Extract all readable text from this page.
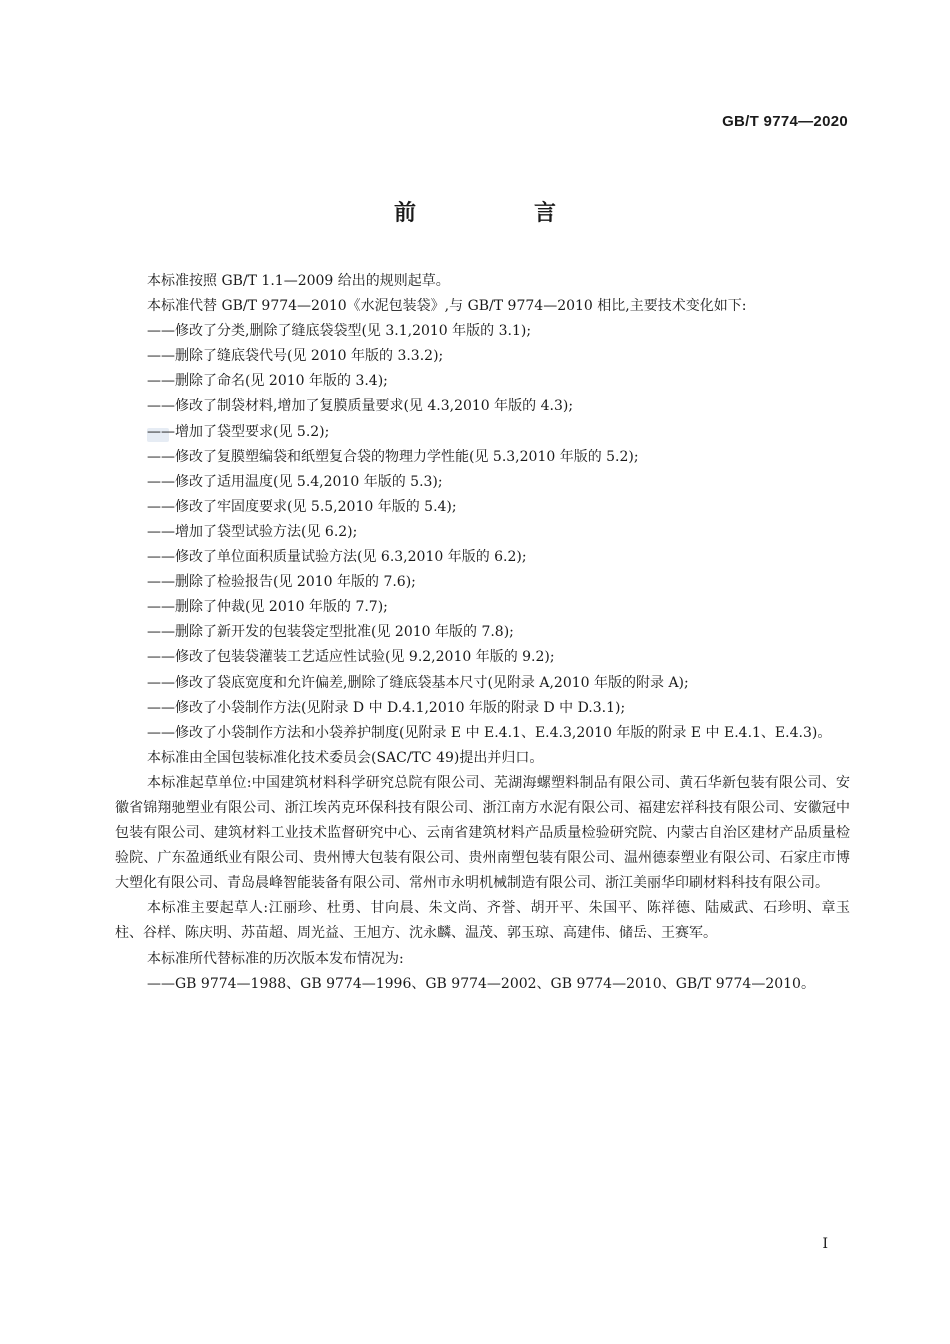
GB/T 9774—2020
前　言

本标准按照 GB/T 1.1—2009 给出的规则起草。

本标准代替 GB/T 9774—2010《水泥包装袋》,与 GB/T 9774—2010 相比,主要技术变化如下:

——修改了分类,删除了缝底袋袋型(见 3.1,2010 年版的 3.1);

——删除了缝底袋代号(见 2010 年版的 3.3.2);

——删除了命名(见 2010 年版的 3.4);

——修改了制袋材料,增加了复膜质量要求(见 4.3,2010 年版的 4.3);

——增加了袋型要求(见 5.2);

——修改了复膜塑编袋和纸塑复合袋的物理力学性能(见 5.3,2010 年版的 5.2);

——修改了适用温度(见 5.4,2010 年版的 5.3);

——修改了牢固度要求(见 5.5,2010 年版的 5.4);

——增加了袋型试验方法(见 6.2);

——修改了单位面积质量试验方法(见 6.3,2010 年版的 6.2);

——删除了检验报告(见 2010 年版的 7.6);

——删除了仲裁(见 2010 年版的 7.7);

——删除了新开发的包装袋定型批准(见 2010 年版的 7.8);

——修改了包装袋灌装工艺适应性试验(见 9.2,2010 年版的 9.2);

——修改了袋底宽度和允许偏差,删除了缝底袋基本尺寸(见附录 A,2010 年版的附录 A);

——修改了小袋制作方法(见附录 D 中 D.4.1,2010 年版的附录 D 中 D.3.1);

——修改了小袋制作方法和小袋养护制度(见附录 E 中 E.4.1、E.4.3,2010 年版的附录 E 中 E.4.1、E.4.3)。

本标准由全国包装标准化技术委员会(SAC/TC 49)提出并归口。

本标准起草单位:中国建筑材料科学研究总院有限公司、芜湖海螺塑料制品有限公司、黄石华新包装有限公司、安徽省锦翔驰塑业有限公司、浙江埃芮克环保科技有限公司、浙江南方水泥有限公司、福建宏祥科技有限公司、安徽冠中包装有限公司、建筑材料工业技术监督研究中心、云南省建筑材料产品质量检验研究院、内蒙古自治区建材产品质量检验院、广东盈通纸业有限公司、贵州博大包装有限公司、贵州南塑包装有限公司、温州德泰塑业有限公司、石家庄市博大塑化有限公司、青岛晨峰智能装备有限公司、常州市永明机械制造有限公司、浙江美丽华印刷材料科技有限公司。

本标准主要起草人:江丽珍、杜勇、甘向晨、朱文尚、齐誉、胡开平、朱国平、陈祥德、陆威武、石珍明、章玉柱、谷样、陈庆明、苏苗超、周光益、王旭方、沈永麟、温茂、郭玉琼、高建伟、储岳、王赛军。

本标准所代替标准的历次版本发布情况为:

——GB 9774—1988、GB 9774—1996、GB 9774—2002、GB 9774—2010、GB/T 9774—2010。

I
